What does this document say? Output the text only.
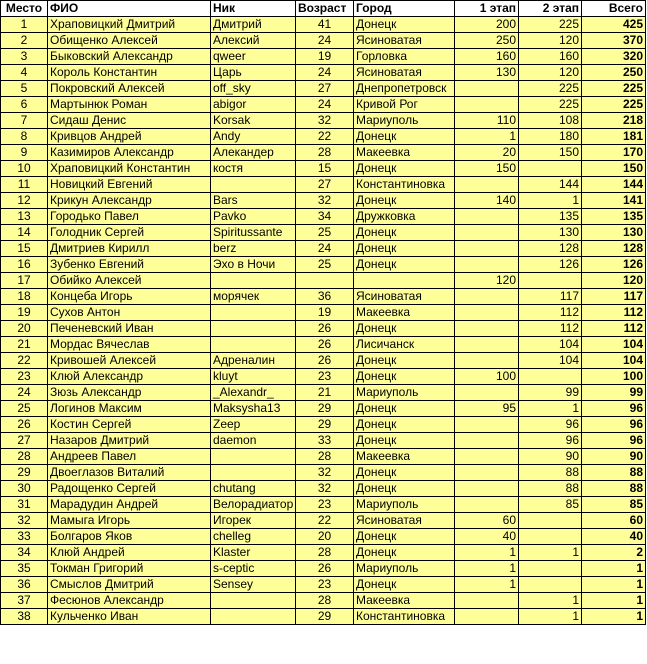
Место	ФИО	Ник	Возраст	Город	1 этап	2 этап	Всего
1	Храповицкий Дмитрий	Дмитрий	41	Донецк	200	225	425
2	Обищенко Алексей	Алексий	24	Ясиноватая	250	120	370
3	Быковский Александр	qweer	19	Горловка	160	160	320
4	Король Константин	Царь	24	Ясиноватая	130	120	250
5	Покровский Алексей	off_sky	27	Днепропетровск		225	225
6	Мартынюк Роман	abigor	24	Кривой Рог		225	225
7	Сидаш Денис	Korsak	32	Мариуполь	110	108	218
8	Кривцов Андрей	Andy	22	Донецк	1	180	181
9	Казимиров Александр	Алекандер	28	Макеевка	20	150	170
10	Храповицкий Константин	костя	15	Донецк	150		150
11	Новицкий Евгений		27	Константиновка		144	144
12	Крикун Александр	Bars	32	Донецк	140	1	141
13	Городько Павел	Pavko	34	Дружковка		135	135
14	Голодник Сергей	Spiritussante	25	Донецк		130	130
15	Дмитриев Кирилл	berz	24	Донецк		128	128
16	Зубенко Евгений	Эхо в Ночи	25	Донецк		126	126
17	Обийко Алексей				120		120
18	Концеба Игорь	морячек	36	Ясиноватая		117	117
19	Сухов Антон		19	Макеевка		112	112
20	Печеневский Иван		26	Донецк		112	112
21	Мордас Вячеслав		26	Лисичанск		104	104
22	Кривошей Алексей	Адреналин	26	Донецк		104	104
23	Клюй Александр	kluyt	23	Донецк	100		100
24	Зюзь Александр	_Alexandr_	21	Мариуполь		99	99
25	Логинов Максим	Maksysha13	29	Донецк	95	1	96
26	Костин Сергей	Zeep	29	Донецк		96	96
27	Назаров Дмитрий	daemon	33	Донецк		96	96
28	Андреев Павел		28	Макеевка		90	90
29	Двоеглазов Виталий		32	Донецк		88	88
30	Радощенко Сергей	chutang	32	Донецк		88	88
31	Марадудин Андрей	Велорадиатор	23	Мариуполь		85	85
32	Мамыга Игорь	Игорек	22	Ясиноватая	60		60
33	Болгаров Яков	chelleg	20	Донецк	40		40
34	Клюй Андрей	Klaster	28	Донецк	1	1	2
35	Токман Григорий	s-ceptic	26	Мариуполь	1		1
36	Смыслов Дмитрий	Sensey	23	Донецк	1		1
37	Фесюнов Александр		28	Макеевка		1	1
38	Кульченко Иван		29	Константиновка		1	1
